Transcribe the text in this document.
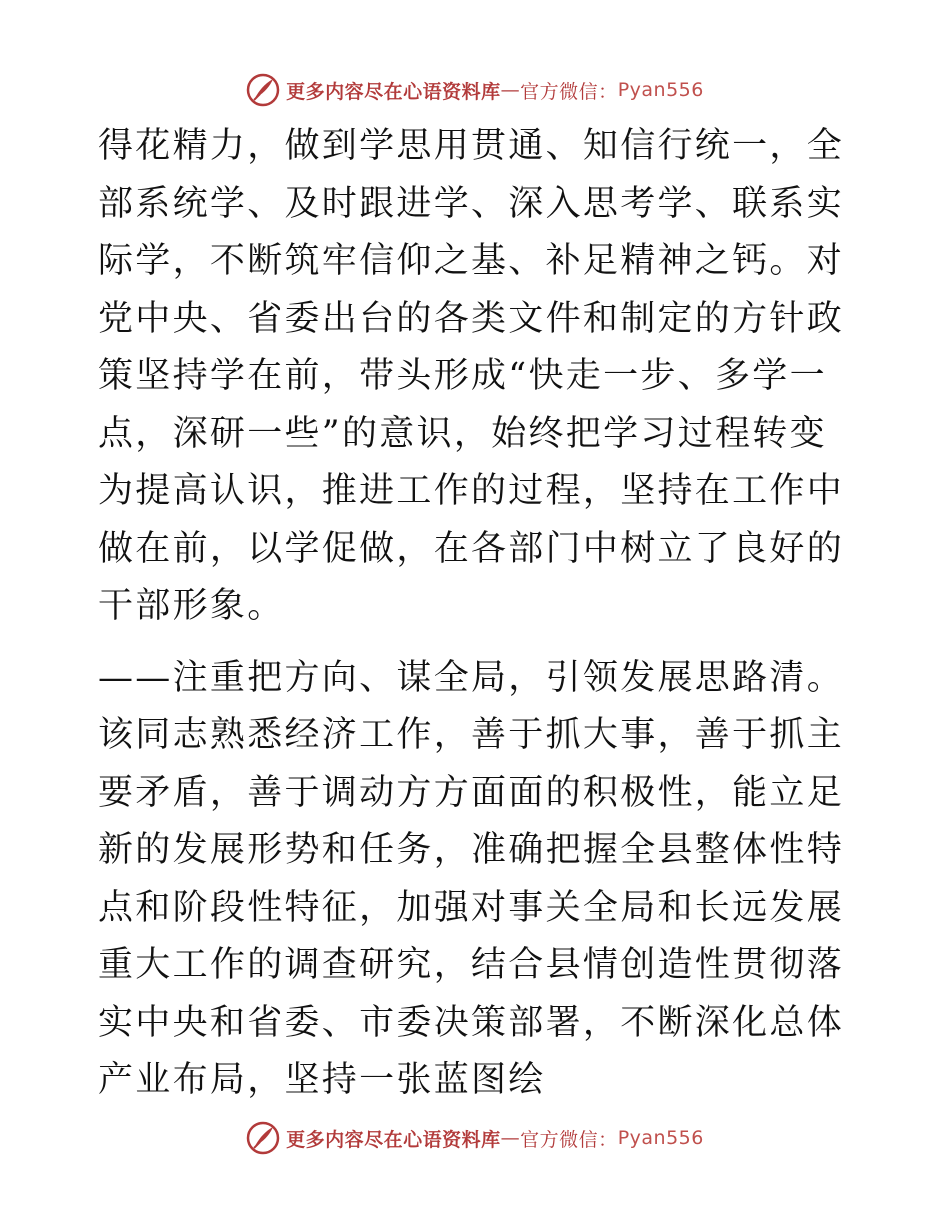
更多内容尽在心语资料库 — 官方微信： Pyan556

得花精力，做到学思用贯通、知信行统一，全部系统学、及时跟进学、深入思考学、联系实际学，不断筑牢信仰之基、补足精神之钙。对党中央、省委出台的各类文件和制定的方针政策坚持学在前，带头形成“快走一步、多学一点，深研一些”的意识，始终把学习过程转变为提高认识，推进工作的过程，坚持在工作中做在前，以学促做，在各部门中树立了良好的干部形象。

——注重把方向、谋全局，引领发展思路清。该同志熟悉经济工作，善于抓大事，善于抓主要矛盾，善于调动方方面面的积极性，能立足新的发展形势和任务，准确把握全县整体性特点和阶段性特征，加强对事关全局和长远发展重大工作的调查研究，结合县情创造性贯彻落实中央和省委、市委决策部署，不断深化总体产业布局，坚持一张蓝图绘

更多内容尽在心语资料库 — 官方微信： Pyan556
